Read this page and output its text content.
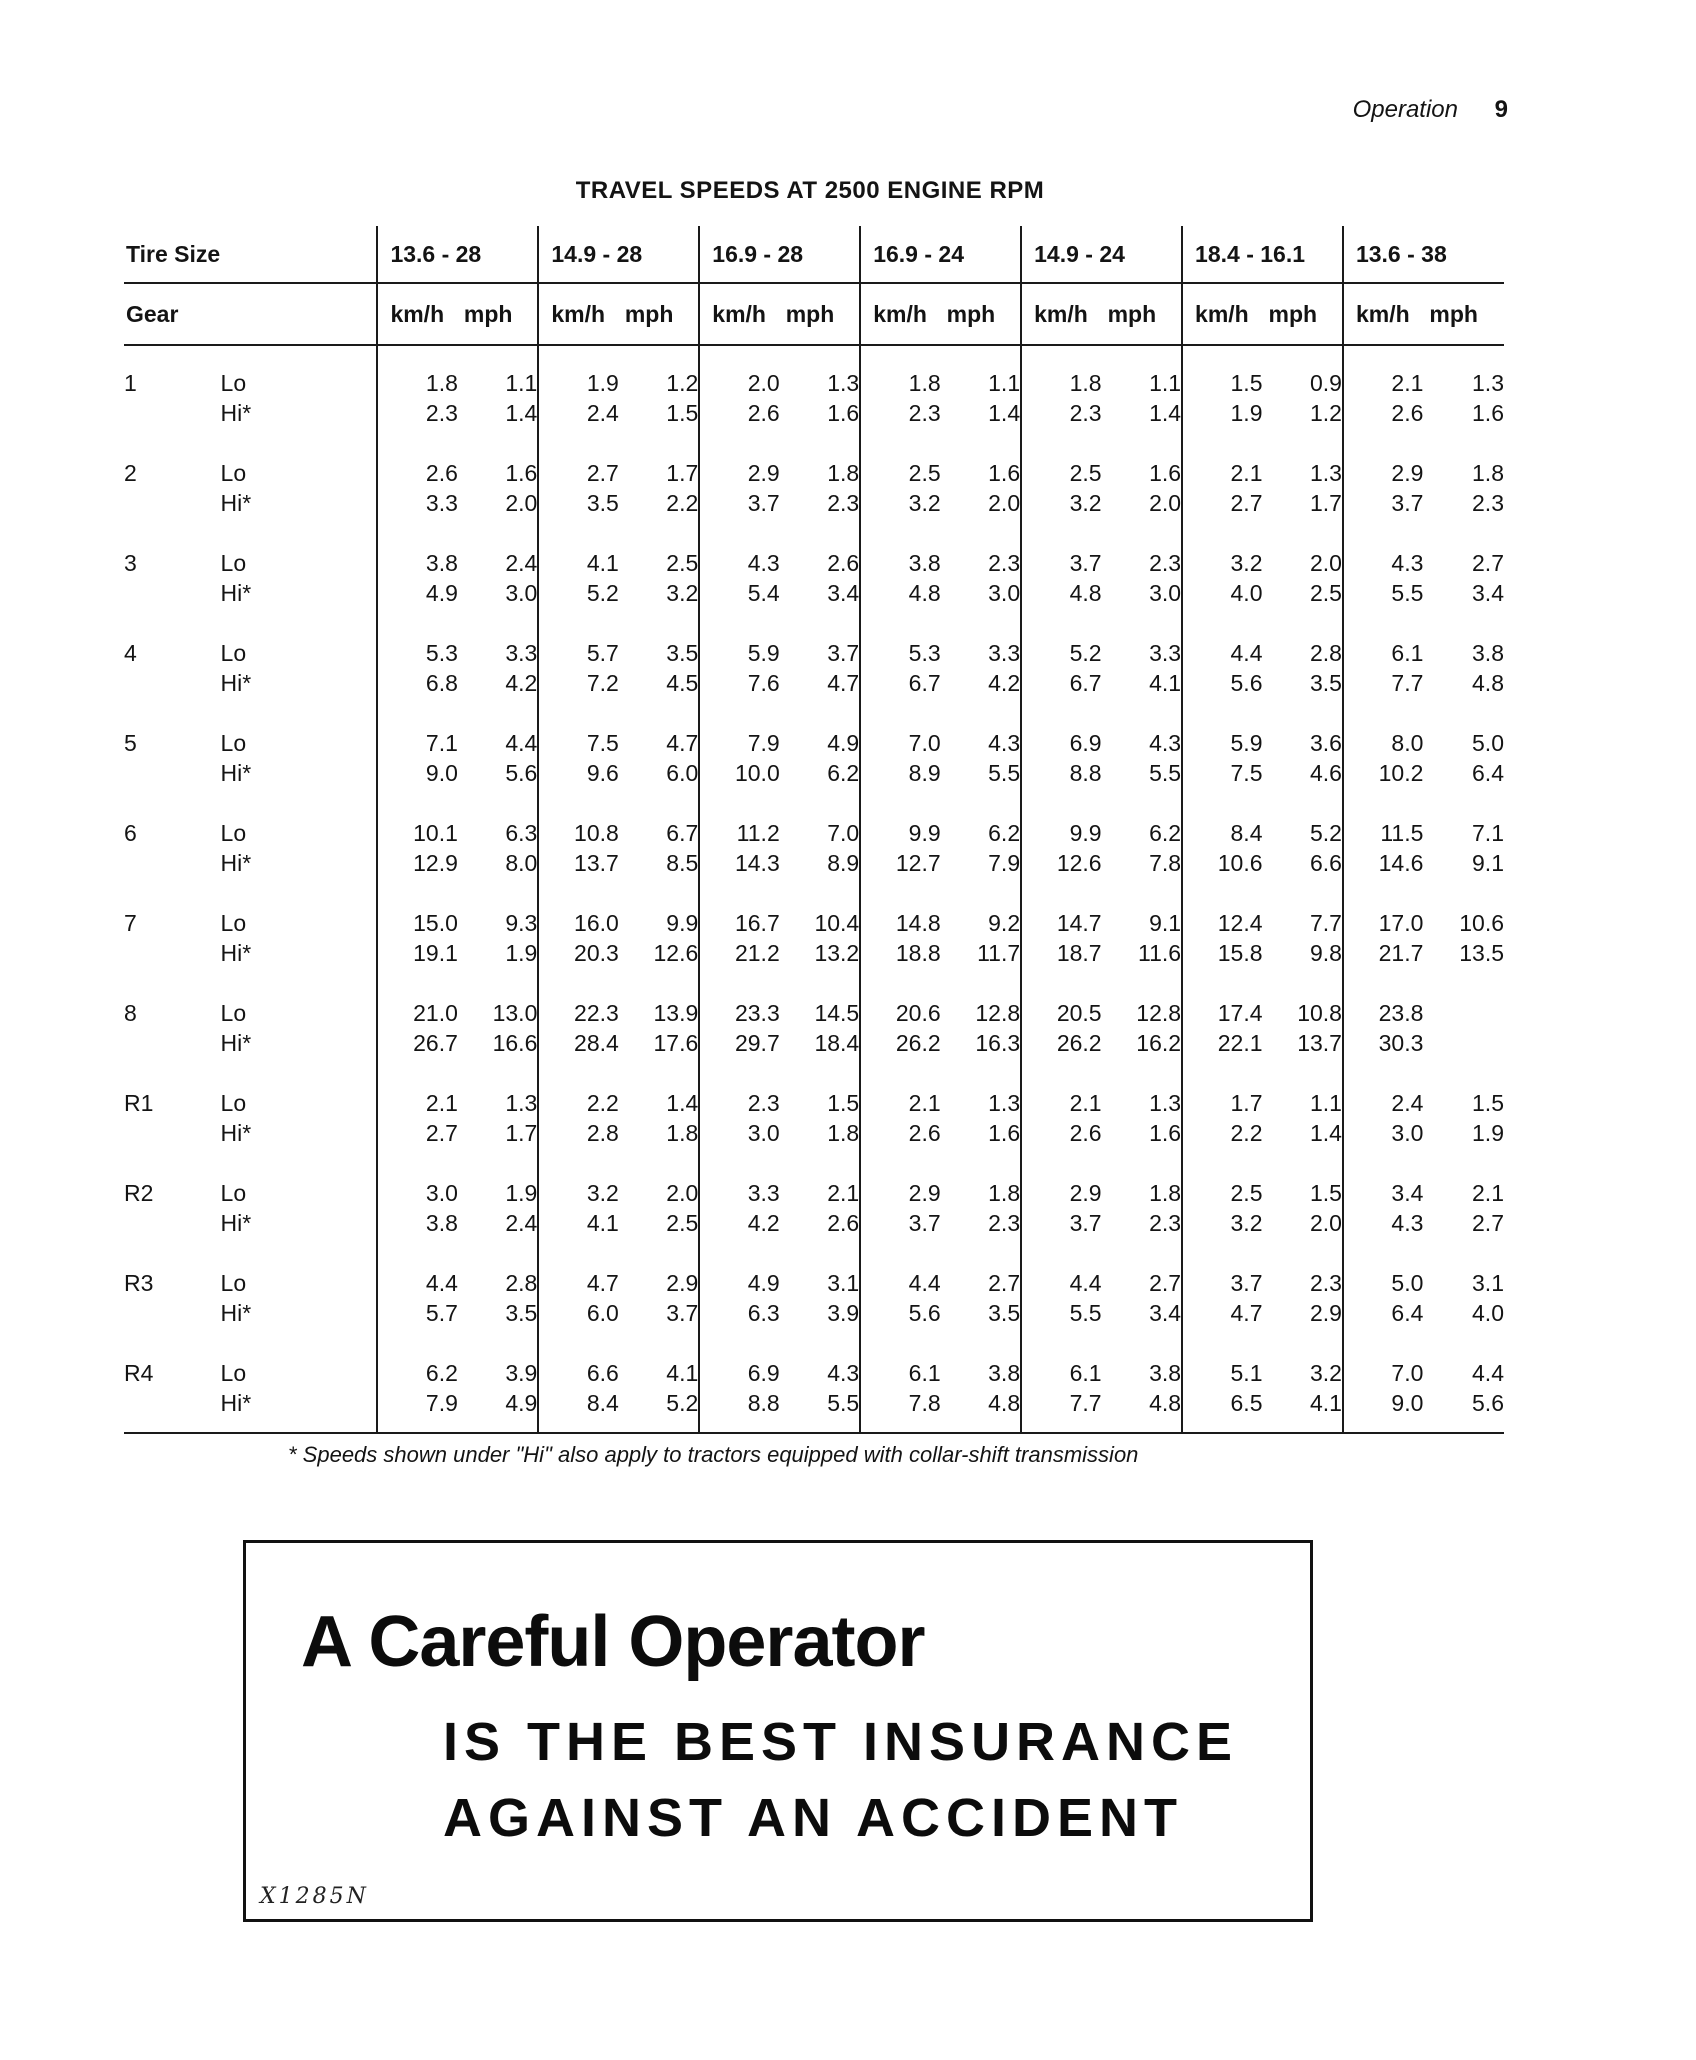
Operation 9
TRAVEL SPEEDS AT 2500 ENGINE RPM
Tire Size		13.6 - 28		14.9 - 28		16.9 - 28		16.9 - 24		14.9 - 24		18.4 - 16.1		13.6 - 38	
Gear		km/h	mph	km/h	mph	km/h	mph	km/h	mph	km/h	mph	km/h	mph	km/h	mph

1	Lo	1.8	1.1	1.9	1.2	2.0	1.3	1.8	1.1	1.8	1.1	1.5	0.9	2.1	1.3
	Hi*	2.3	1.4	2.4	1.5	2.6	1.6	2.3	1.4	2.3	1.4	1.9	1.2	2.6	1.6

2	Lo	2.6	1.6	2.7	1.7	2.9	1.8	2.5	1.6	2.5	1.6	2.1	1.3	2.9	1.8
	Hi*	3.3	2.0	3.5	2.2	3.7	2.3	3.2	2.0	3.2	2.0	2.7	1.7	3.7	2.3

3	Lo	3.8	2.4	4.1	2.5	4.3	2.6	3.8	2.3	3.7	2.3	3.2	2.0	4.3	2.7
	Hi*	4.9	3.0	5.2	3.2	5.4	3.4	4.8	3.0	4.8	3.0	4.0	2.5	5.5	3.4

4	Lo	5.3	3.3	5.7	3.5	5.9	3.7	5.3	3.3	5.2	3.3	4.4	2.8	6.1	3.8
	Hi*	6.8	4.2	7.2	4.5	7.6	4.7	6.7	4.2	6.7	4.1	5.6	3.5	7.7	4.8

5	Lo	7.1	4.4	7.5	4.7	7.9	4.9	7.0	4.3	6.9	4.3	5.9	3.6	8.0	5.0
	Hi*	9.0	5.6	9.6	6.0	10.0	6.2	8.9	5.5	8.8	5.5	7.5	4.6	10.2	6.4

6	Lo	10.1	6.3	10.8	6.7	11.2	7.0	9.9	6.2	9.9	6.2	8.4	5.2	11.5	7.1
	Hi*	12.9	8.0	13.7	8.5	14.3	8.9	12.7	7.9	12.6	7.8	10.6	6.6	14.6	9.1

7	Lo	15.0	9.3	16.0	9.9	16.7	10.4	14.8	9.2	14.7	9.1	12.4	7.7	17.0	10.6
	Hi*	19.1	1.9	20.3	12.6	21.2	13.2	18.8	11.7	18.7	11.6	15.8	9.8	21.7	13.5

8	Lo	21.0	13.0	22.3	13.9	23.3	14.5	20.6	12.8	20.5	12.8	17.4	10.8	23.8	
	Hi*	26.7	16.6	28.4	17.6	29.7	18.4	26.2	16.3	26.2	16.2	22.1	13.7	30.3	

R1	Lo	2.1	1.3	2.2	1.4	2.3	1.5	2.1	1.3	2.1	1.3	1.7	1.1	2.4	1.5
	Hi*	2.7	1.7	2.8	1.8	3.0	1.8	2.6	1.6	2.6	1.6	2.2	1.4	3.0	1.9

R2	Lo	3.0	1.9	3.2	2.0	3.3	2.1	2.9	1.8	2.9	1.8	2.5	1.5	3.4	2.1
	Hi*	3.8	2.4	4.1	2.5	4.2	2.6	3.7	2.3	3.7	2.3	3.2	2.0	4.3	2.7

R3	Lo	4.4	2.8	4.7	2.9	4.9	3.1	4.4	2.7	4.4	2.7	3.7	2.3	5.0	3.1
	Hi*	5.7	3.5	6.0	3.7	6.3	3.9	5.6	3.5	5.5	3.4	4.7	2.9	6.4	4.0

R4	Lo	6.2	3.9	6.6	4.1	6.9	4.3	6.1	3.8	6.1	3.8	5.1	3.2	7.0	4.4
	Hi*	7.9	4.9	8.4	5.2	8.8	5.5	7.8	4.8	7.7	4.8	6.5	4.1	9.0	5.6

* Speeds shown under "Hi" also apply to tractors equipped with collar-shift transmission
A Careful Operator
IS THE BEST INSURANCE
AGAINST AN ACCIDENT
X1285N
